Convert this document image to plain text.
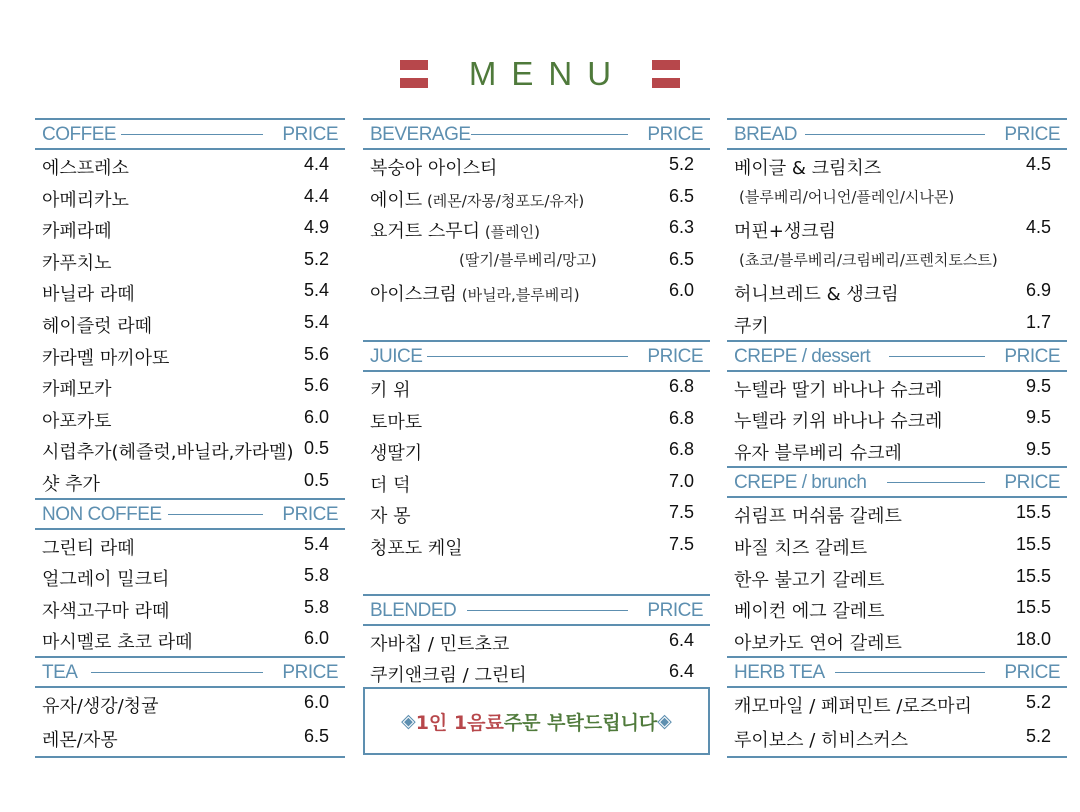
MENU
COFFEE	PRICE
에스프레소	4.4
아메리카노	4.4
카페라떼	4.9
카푸치노	5.2
바닐라 라떼	5.4
헤이즐럿 라떼	5.4
카라멜 마끼아또	5.6
카페모카	5.6
아포카토	6.0
시럽추가(헤즐럿,바닐라,카라멜) 0.5
샷 추가	0.5
NON COFFEE	PRICE
그린티 라떼	5.4
얼그레이 밀크티	5.8
자색고구마 라떼	5.8
마시멜로 초코 라떼	6.0
TEA	PRICE
유자/생강/청귤	6.0
레몬/자몽	6.5
BEVERAGE	PRICE
복숭아 아이스티	5.2
에이드 (레몬/자몽/청포도/유자)	6.5
요거트 스무디 (플레인)	6.3
(딸기/블루베리/망고)	6.5
아이스크림 (바닐라,블루베리)	6.0
JUICE	PRICE
키 위	6.8
토마토	6.8
생딸기	6.8
더 덕	7.0
자 몽	7.5
청포도 케일	7.5
BLENDED	PRICE
자바칩 / 민트초코	6.4
쿠키앤크림 / 그린티	6.4
◈ 1인 1음료 주문 부탁드립니다 ◈
BREAD	PRICE
베이글 & 크림치즈	4.5
(블루베리/어니언/플레인/시나몬)
머핀+생크림	4.5
(쵸코/블루베리/크림베리/프렌치토스트)
허니브레드 & 생크림	6.9
쿠키	1.7
CREPE / dessert	PRICE
누텔라 딸기 바나나 슈크레	9.5
누텔라 키위 바나나 슈크레	9.5
유자 블루베리 슈크레	9.5
CREPE / brunch	PRICE
쉬림프 머쉬룸 갈레트	15.5
바질 치즈 갈레트	15.5
한우 불고기 갈레트	15.5
베이컨 에그 갈레트	15.5
아보카도 연어 갈레트	18.0
HERB TEA	PRICE
캐모마일 / 페퍼민트 /로즈마리	5.2
루이보스 / 히비스커스	5.2
